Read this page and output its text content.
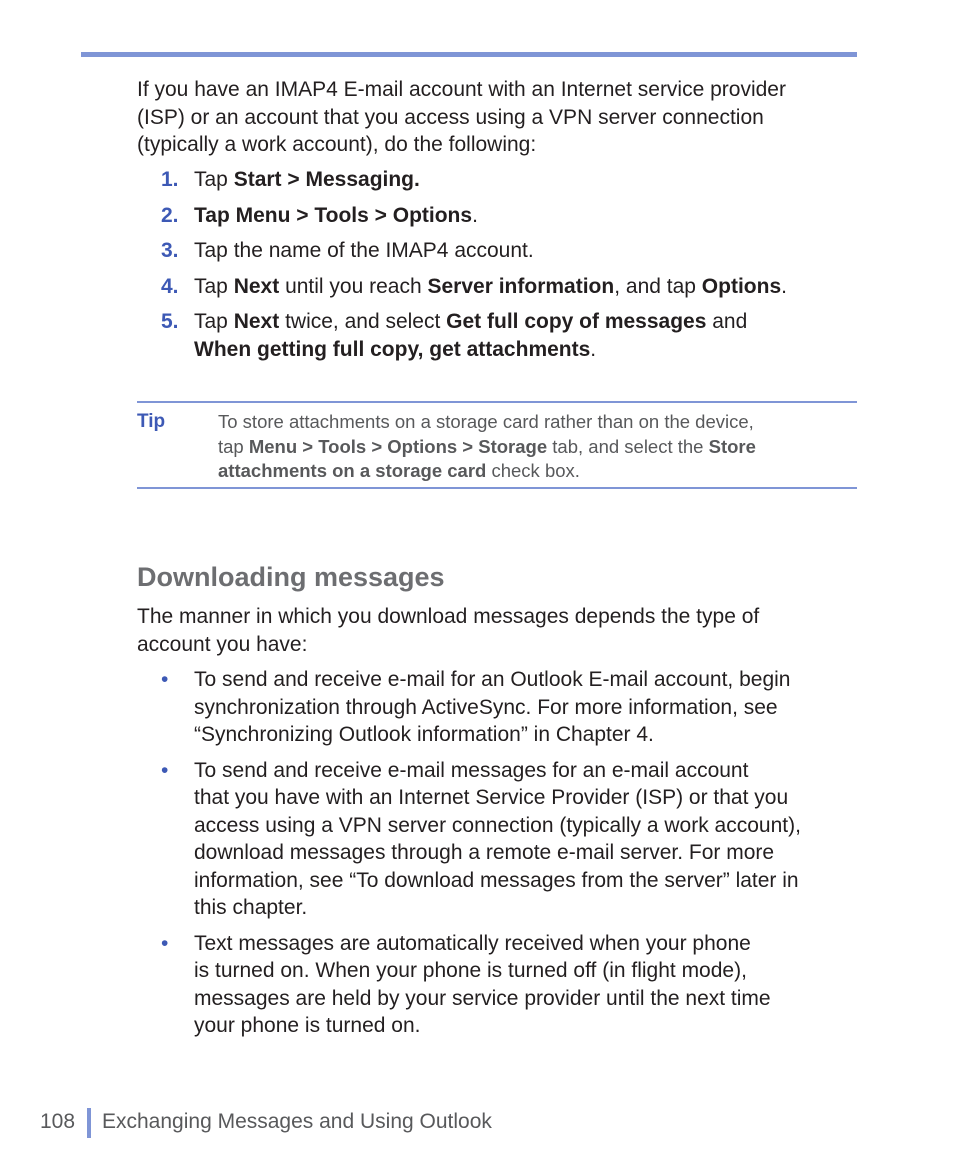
If you have an IMAP4 E-mail account with an Internet service provider
(ISP) or an account that you access using a VPN server connection
(typically a work account), do the following:

1. Tap Start > Messaging.
2. Tap Menu > Tools > Options.
3. Tap the name of the IMAP4 account.
4. Tap Next until you reach Server information, and tap Options.
5. Tap Next twice, and select Get full copy of messages and
When getting full copy, get attachments.
Tip	To store attachments on a storage card rather than on the device,
tap Menu > Tools > Options > Storage tab, and select the Store
attachments on a storage card check box.
Downloading messages

The manner in which you download messages depends the type of
account you have:

• To send and receive e-mail for an Outlook E-mail account, begin
synchronization through ActiveSync. For more information, see
“Synchronizing Outlook information” in Chapter 4.
• To send and receive e-mail messages for an e-mail account
that you have with an Internet Service Provider (ISP) or that you
access using a VPN server connection (typically a work account),
download messages through a remote e-mail server. For more
information, see “To download messages from the server” later in
this chapter.
• Text messages are automatically received when your phone
is turned on. When your phone is turned off (in flight mode),
messages are held by your service provider until the next time
your phone is turned on.
108 Exchanging Messages and Using Outlook
